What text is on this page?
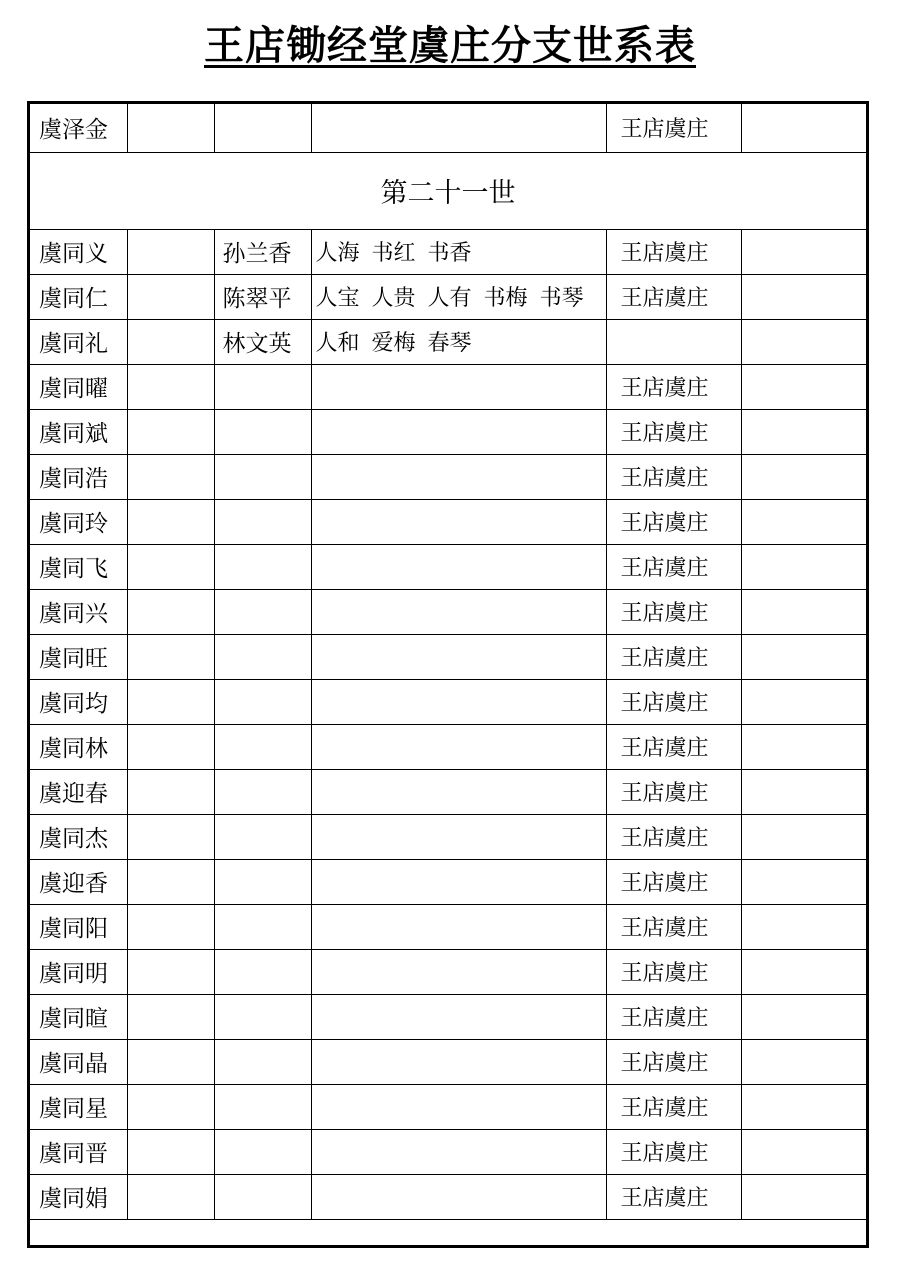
王店锄经堂虞庄分支世系表
虞泽金				王店虞庄	
第二十一世					
虞同义		孙兰香	人海 书红 书香	王店虞庄	
虞同仁		陈翠平	人宝 人贵 人有 书梅 书琴	王店虞庄	
虞同礼		林文英	人和 爱梅 春琴		
虞同曜				王店虞庄	
虞同斌				王店虞庄	
虞同浩				王店虞庄	
虞同玲				王店虞庄	
虞同飞				王店虞庄	
虞同兴				王店虞庄	
虞同旺				王店虞庄	
虞同均				王店虞庄	
虞同林				王店虞庄	
虞迎春				王店虞庄	
虞同杰				王店虞庄	
虞迎香				王店虞庄	
虞同阳				王店虞庄	
虞同明				王店虞庄	
虞同暄				王店虞庄	
虞同晶				王店虞庄	
虞同星				王店虞庄	
虞同晋				王店虞庄	
虞同娟				王店虞庄	
